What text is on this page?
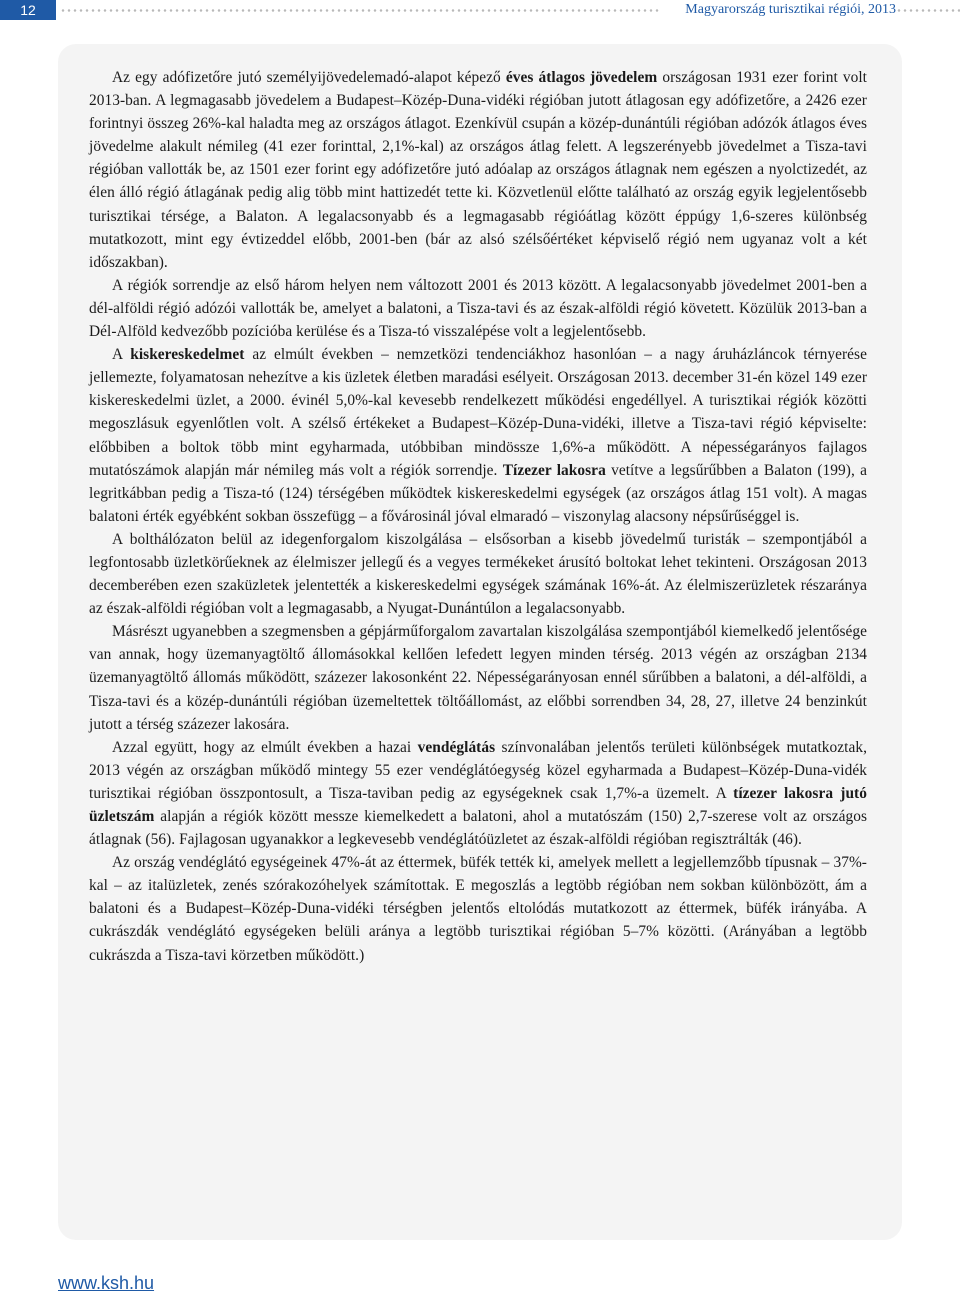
12	Magyarország turisztikai régiói, 2013

Az egy adófizetőre jutó személyijövedelemadó-alapot képező éves átlagos jövedelem országosan 1931 ezer forint volt 2013-ban. A legmagasabb jövedelem a Budapest–Közép-Duna-vidéki régióban jutott átlagosan egy adófizetőre, a 2426 ezer forintnyi összeg 26%-kal haladta meg az országos átlagot. Ezenkívül csupán a közép-dunántúli régióban adózók átlagos éves jövedelme alakult némileg (41 ezer forinttal, 2,1%-kal) az országos átlag felett. A legszerényebb jövedelmet a Tisza-tavi régióban vallották be, az 1501 ezer forint egy adófizetőre jutó adóalap az országos átlagnak nem egészen a nyolctizedét, az élen álló régió átlagának pedig alig több mint hattizedét tette ki. Közvetlenül előtte található az ország egyik legjelentősebb turisztikai térsége, a Balaton. A legalacsonyabb és a legmagasabb régióátlag között éppúgy 1,6-szeres különbség mutatkozott, mint egy évtizeddel előbb, 2001-ben (bár az alsó szélsőértéket képviselő régió nem ugyanaz volt a két időszakban).

A régiók sorrendje az első három helyen nem változott 2001 és 2013 között. A legalacsonyabb jövedelmet 2001-ben a dél-alföldi régió adózói vallották be, amelyet a balatoni, a Tisza-tavi és az észak-alföldi régió követett. Közülük 2013-ban a Dél-Alföld kedvezőbb pozícióba kerülése és a Tisza-tó visszalépése volt a legjelentősebb.

A kiskereskedelmet az elmúlt években – nemzetközi tendenciákhoz hasonlóan – a nagy áruházláncok térnyerése jellemezte, folyamatosan nehezítve a kis üzletek életben maradási esélyeit. Országosan 2013. december 31-én közel 149 ezer kiskereskedelmi üzlet, a 2000. évinél 5,0%-kal kevesebb rendelkezett működési engedéllyel. A turisztikai régiók közötti megoszlásuk egyenlőtlen volt. A szélső értékeket a Budapest–Közép-Duna-vidéki, illetve a Tisza-tavi régió képviselte: előbbiben a boltok több mint egyharmada, utóbbiban mindössze 1,6%-a működött. A népességarányos fajlagos mutatószámok alapján már némileg más volt a régiók sorrendje. Tízezer lakosra vetítve a legsűrűbben a Balaton (199), a legritkábban pedig a Tisza-tó (124) térségében működtek kiskereskedelmi egységek (az országos átlag 151 volt). A magas balatoni érték egyébként sokban összefügg – a fővárosinál jóval elmaradó – viszonylag alacsony népsűrűséggel is.

A bolthálózaton belül az idegenforgalom kiszolgálása – elsősorban a kisebb jövedelmű turisták – szempontjából a legfontosabb üzletkörűeknek az élelmiszer jellegű és a vegyes termékeket árusító boltokat lehet tekinteni. Országosan 2013 decemberében ezen szaküzletek jelentették a kiskereskedelmi egységek számának 16%-át. Az élelmiszerüzletek részaránya az észak-alföldi régióban volt a legmagasabb, a Nyugat-Dunántúlon a legalacsonyabb.

Másrészt ugyanebben a szegmensben a gépjárműforgalom zavartalan kiszolgálása szempontjából kiemelkedő jelentősége van annak, hogy üzemanyagtöltő állomásokkal kellően lefedett legyen minden térség. 2013 végén az országban 2134 üzemanyagtöltő állomás működött, százezer lakosonként 22. Népességarányosan ennél sűrűbben a balatoni, a dél-alföldi, a Tisza-tavi és a közép-dunántúli régióban üzemeltettek töltőállomást, az előbbi sorrendben 34, 28, 27, illetve 24 benzinkút jutott a térség százezer lakosára.

Azzal együtt, hogy az elmúlt években a hazai vendéglátás színvonalában jelentős területi különbségek mutatkoztak, 2013 végén az országban működő mintegy 55 ezer vendéglátóegység közel egyharmada a Budapest–Közép-Duna-vidék turisztikai régióban összpontosult, a Tisza-taviban pedig az egységeknek csak 1,7%-a üzemelt. A tízezer lakosra jutó üzletszám alapján a régiók között messze kiemelkedett a balatoni, ahol a mutatószám (150) 2,7-szerese volt az országos átlagnak (56). Fajlagosan ugyanakkor a legkevesebb vendéglátóüzletet az észak-alföldi régióban regisztrálták (46).

Az ország vendéglátó egységeinek 47%-át az éttermek, büfék tették ki, amelyek mellett a legjellemzőbb típusnak – 37%-kal – az italüzletek, zenés szórakozóhelyek számítottak. E megoszlás a legtöbb régióban nem sokban különbözött, ám a balatoni és a Budapest–Közép-Duna-vidéki térségben jelentős eltolódás mutatkozott az éttermek, büfék irányába. A cukrászdák vendéglátó egységeken belüli aránya a legtöbb turisztikai régióban 5–7% közötti. (Arányában a legtöbb cukrászda a Tisza-tavi körzetben működött.)

www.ksh.hu
